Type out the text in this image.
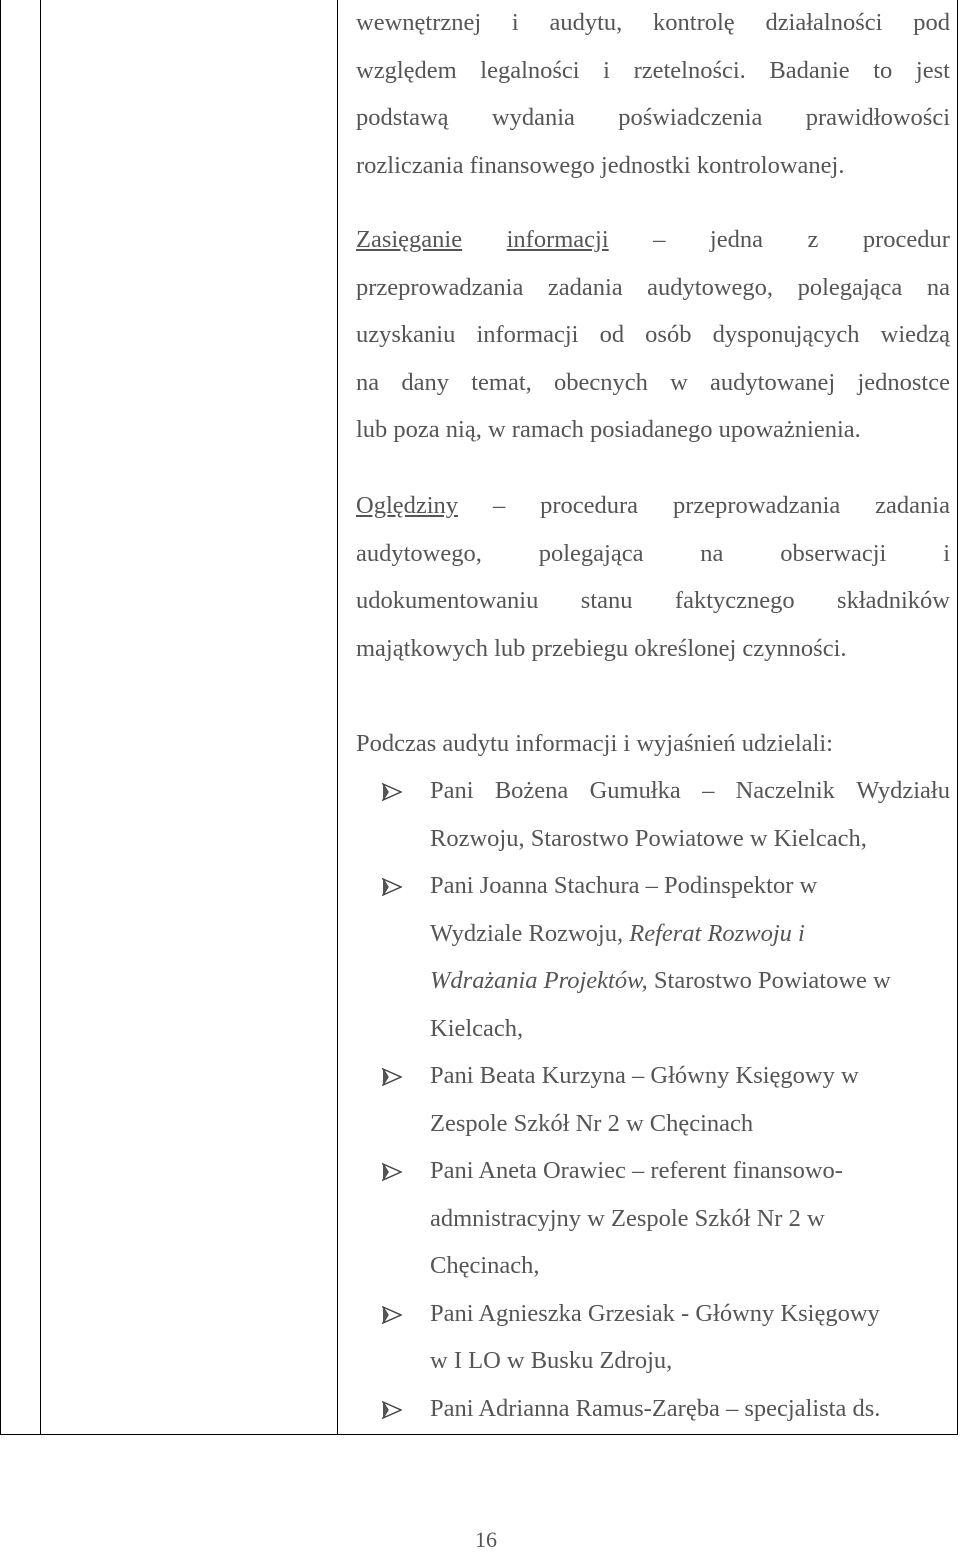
wewnętrznej i audytu, kontrolę działalności pod
względem legalności i rzetelności. Badanie to jest
podstawą wydania poświadczenia prawidłowości
rozliczania finansowego jednostki kontrolowanej.
Zasięganie informacji – jedna z procedur
przeprowadzania zadania audytowego, polegająca na
uzyskaniu informacji od osób dysponujących wiedzą
na dany temat, obecnych w audytowanej jednostce
lub poza nią, w ramach posiadanego upoważnienia.
Oględziny – procedura przeprowadzania zadania
audytowego, polegająca na obserwacji i
udokumentowaniu stanu faktycznego składników
majątkowych lub przebiegu określonej czynności.
Podczas audytu informacji i wyjaśnień udzielali:
Pani Bożena Gumułka – Naczelnik Wydziału
Rozwoju, Starostwo Powiatowe w Kielcach,
Pani Joanna Stachura – Podinspektor w
Wydziale Rozwoju, Referat Rozwoju i
Wdrażania Projektów, Starostwo Powiatowe w
Kielcach,
Pani Beata Kurzyna – Główny Księgowy w
Zespole Szkół Nr 2 w Chęcinach
Pani Aneta Orawiec – referent finansowo-
admnistracyjny w Zespole Szkół Nr 2 w
Chęcinach,
Pani Agnieszka Grzesiak - Główny Księgowy
w I LO w Busku Zdroju,
Pani Adrianna Ramus-Zaręba – specjalista ds.
16
